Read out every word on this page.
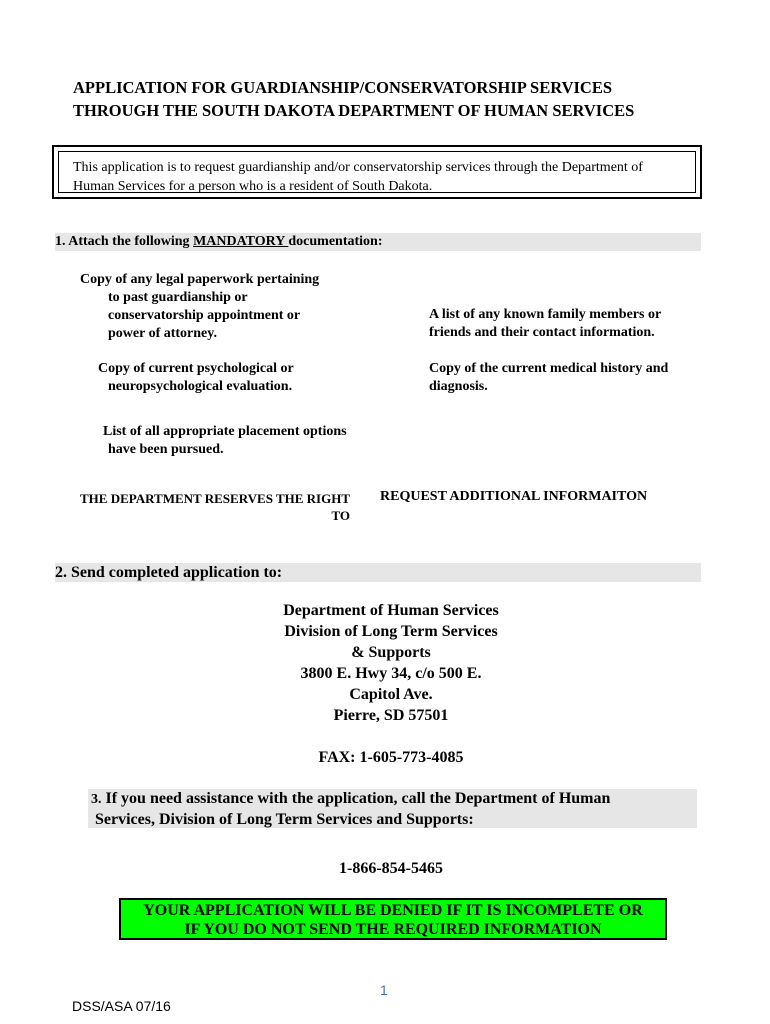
APPLICATION FOR GUARDIANSHIP/CONSERVATORSHIP SERVICES
THROUGH THE SOUTH DAKOTA DEPARTMENT OF HUMAN SERVICES
This application is to request guardianship and/or conservatorship services through the Department of
Human Services for a person who is a resident of South Dakota.
1. Attach the following MANDATORY documentation:
Copy of any legal paperwork pertaining
to past guardianship or
conservatorship appointment or
power of attorney.
A list of any known family members or
friends and their contact information.
Copy of current psychological or
neuropsychological evaluation.
Copy of the current medical history and
diagnosis.
List of all appropriate placement options
have been pursued.
THE DEPARTMENT RESERVES THE RIGHT
TO
REQUEST ADDITIONAL INFORMAITON
2. Send completed application to:
Department of Human Services
Division of Long Term Services
& Supports
3800 E. Hwy 34, c/o 500 E.
Capitol Ave.
Pierre, SD 57501
FAX: 1-605-773-4085
3. If you need assistance with the application, call the Department of Human
Services, Division of Long Term Services and Supports:
1-866-854-5465
YOUR APPLICATION WILL BE DENIED IF IT IS INCOMPLETE OR
IF YOU DO NOT SEND THE REQUIRED INFORMATION
1
DSS/ASA 07/16
